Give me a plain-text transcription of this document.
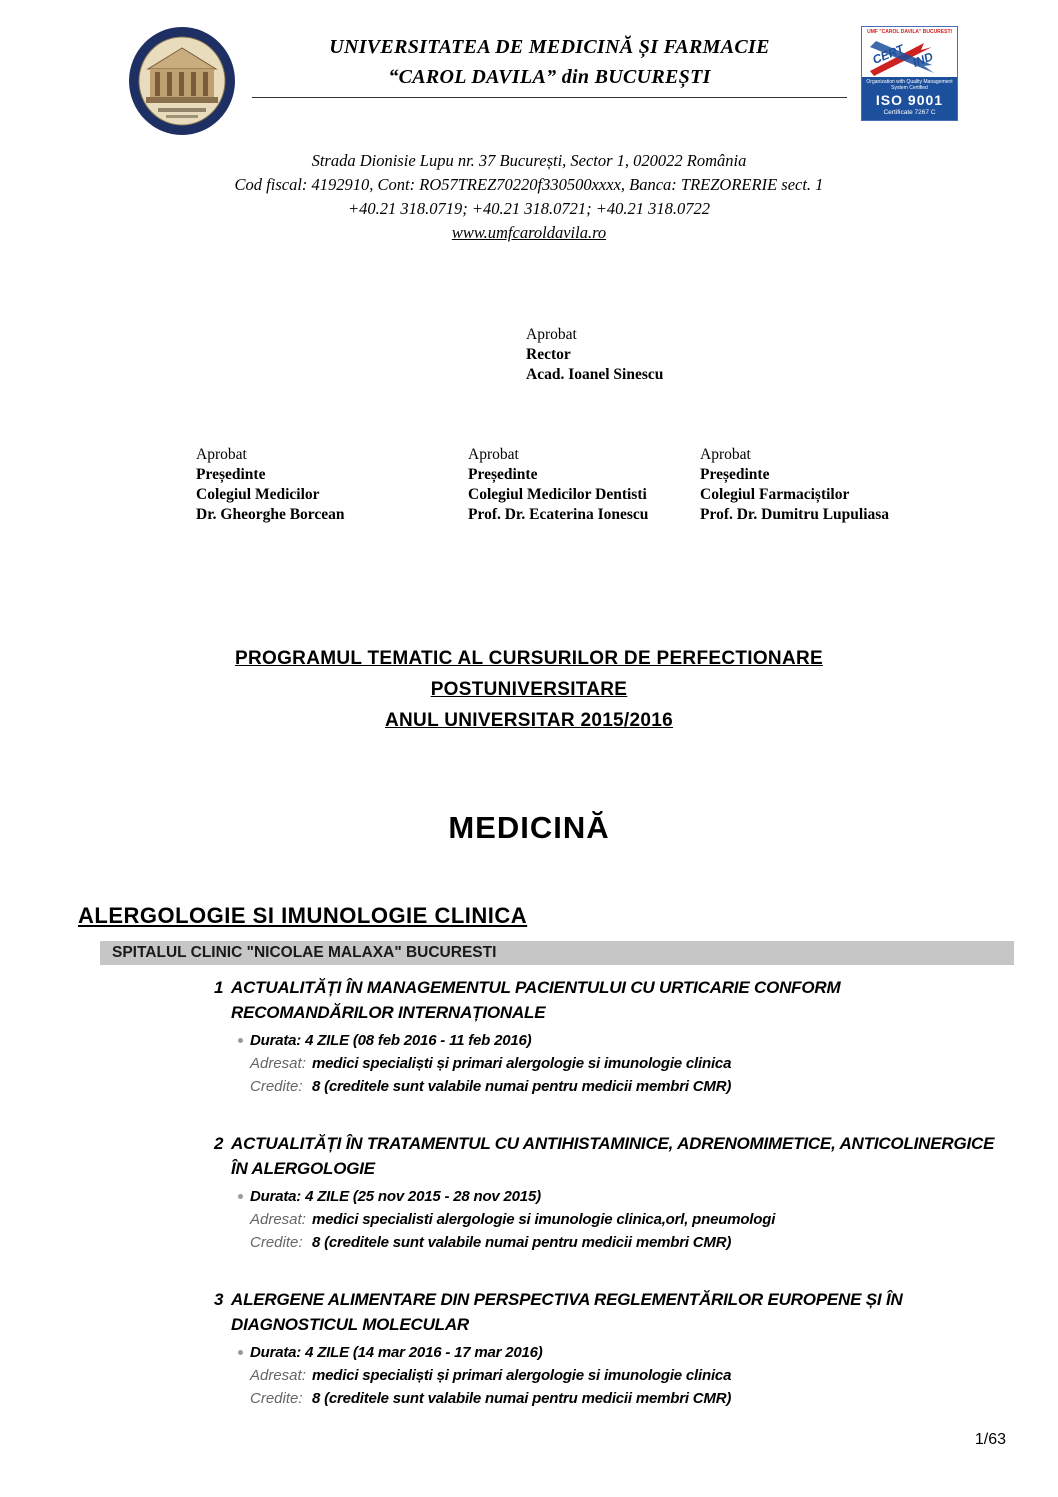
UNIVERSITATEA DE MEDICINĂ ȘI FARMACIE
“CAROL DAVILA” din BUCUREȘTI
UMF "CAROL DAVILA" BUCURESTI
CERT IND
Organization with Quality Management System Certified
ISO 9001
Certificate 7267 C
Strada Dionisie Lupu nr. 37 București, Sector 1, 020022 România
Cod fiscal: 4192910, Cont: RO57TREZ70220f330500xxxx, Banca: TREZORERIE sect. 1
+40.21 318.0719; +40.21 318.0721; +40.21 318.0722
www.umfcaroldavila.ro
Aprobat
Rector
Acad. Ioanel Sinescu
Aprobat
Președinte
Colegiul Medicilor
Dr. Gheorghe Borcean
Aprobat
Președinte
Colegiul Medicilor Dentisti
Prof. Dr. Ecaterina Ionescu
Aprobat
Președinte
Colegiul Farmaciștilor
Prof. Dr. Dumitru Lupuliasa
PROGRAMUL TEMATIC AL CURSURILOR DE PERFECTIONARE
POSTUNIVERSITARE
ANUL UNIVERSITAR 2015/2016
MEDICINĂ
ALERGOLOGIE SI IMUNOLOGIE CLINICA
SPITALUL CLINIC "NICOLAE MALAXA" BUCURESTI
1 ACTUALITĂȚI ÎN MANAGEMENTUL PACIENTULUI CU URTICARIE CONFORM RECOMANDĂRILOR INTERNAȚIONALE
Durata: 4 ZILE (08 feb 2016 - 11 feb 2016)
Adresat: medici specialiști și primari alergologie si imunologie clinica
Credite: 8 (creditele sunt valabile numai pentru medicii membri CMR)
2 ACTUALITĂȚI ÎN TRATAMENTUL CU ANTIHISTAMINICE, ADRENOMIMETICE, ANTICOLINERGICE ÎN ALERGOLOGIE
Durata: 4 ZILE (25 nov 2015 - 28 nov 2015)
Adresat: medici specialisti alergologie si imunologie clinica,orl, pneumologi
Credite: 8 (creditele sunt valabile numai pentru medicii membri CMR)
3 ALERGENE ALIMENTARE DIN PERSPECTIVA REGLEMENTĂRILOR EUROPENE ȘI ÎN DIAGNOSTICUL MOLECULAR
Durata: 4 ZILE (14 mar 2016 - 17 mar 2016)
Adresat: medici specialiști și primari alergologie si imunologie clinica
Credite: 8 (creditele sunt valabile numai pentru medicii membri CMR)
1/63
